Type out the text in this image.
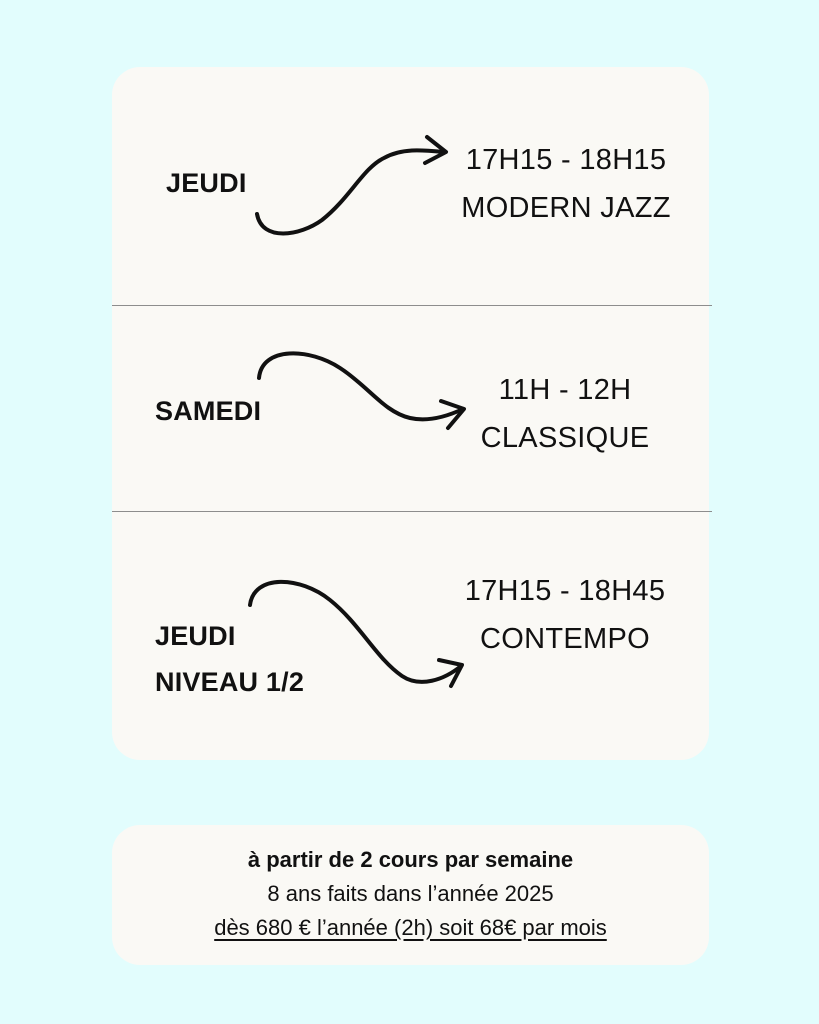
JEUDI
17H15 - 18H15
MODERN JAZZ
SAMEDI
11H - 12H
CLASSIQUE
JEUDI
NIVEAU 1/2
17H15 - 18H45
CONTEMPO
à partir de 2 cours par semaine
8 ans faits dans l’année 2025
dès 680 € l’année (2h) soit 68€ par mois
